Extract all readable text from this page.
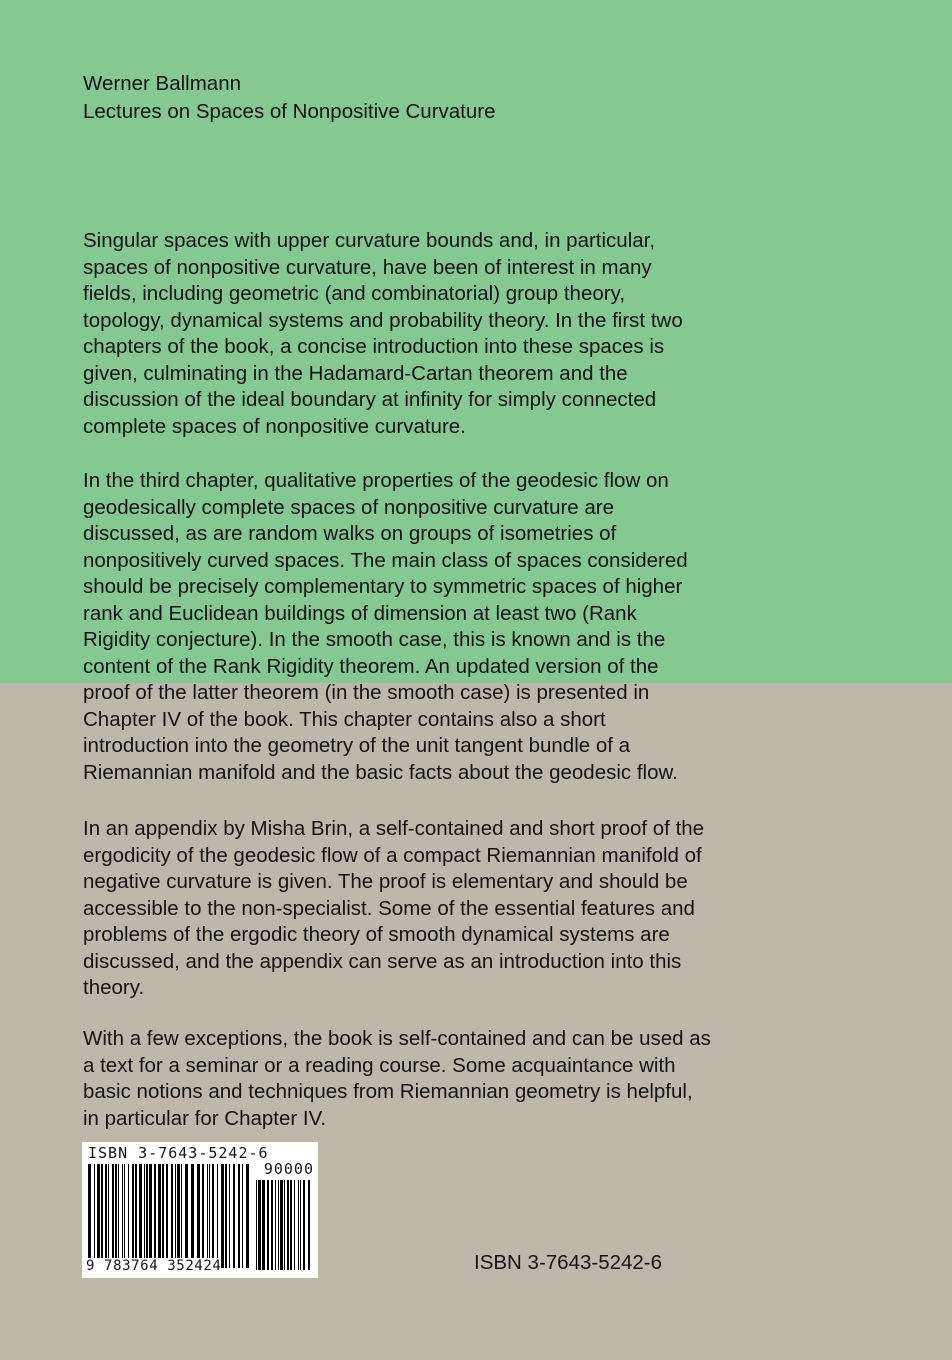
Werner Ballmann
Lectures on Spaces of Nonpositive Curvature

Singular spaces with upper curvature bounds and, in particular,
spaces of nonpositive curvature, have been of interest in many
fields, including geometric (and combinatorial) group theory,
topology, dynamical systems and probability theory. In the first two
chapters of the book, a concise introduction into these spaces is
given, culminating in the Hadamard-Cartan theorem and the
discussion of the ideal boundary at infinity for simply connected
complete spaces of nonpositive curvature.

In the third chapter, qualitative properties of the geodesic flow on
geodesically complete spaces of nonpositive curvature are
discussed, as are random walks on groups of isometries of
nonpositively curved spaces. The main class of spaces considered
should be precisely complementary to symmetric spaces of higher
rank and Euclidean buildings of dimension at least two (Rank
Rigidity conjecture). In the smooth case, this is known and is the
content of the Rank Rigidity theorem. An updated version of the
proof of the latter theorem (in the smooth case) is presented in
Chapter IV of the book. This chapter contains also a short
introduction into the geometry of the unit tangent bundle of a
Riemannian manifold and the basic facts about the geodesic flow.

In an appendix by Misha Brin, a self-contained and short proof of the
ergodicity of the geodesic flow of a compact Riemannian manifold of
negative curvature is given. The proof is elementary and should be
accessible to the non-specialist. Some of the essential features and
problems of the ergodic theory of smooth dynamical systems are
discussed, and the appendix can serve as an introduction into this
theory.

With a few exceptions, the book is self-contained and can be used as
a text for a seminar or a reading course. Some acquaintance with
basic notions and techniques from Riemannian geometry is helpful,
in particular for Chapter IV.

ISBN 3-7643-5242-6
90000
9 783764 352424	ISBN 3-7643-5242-6
